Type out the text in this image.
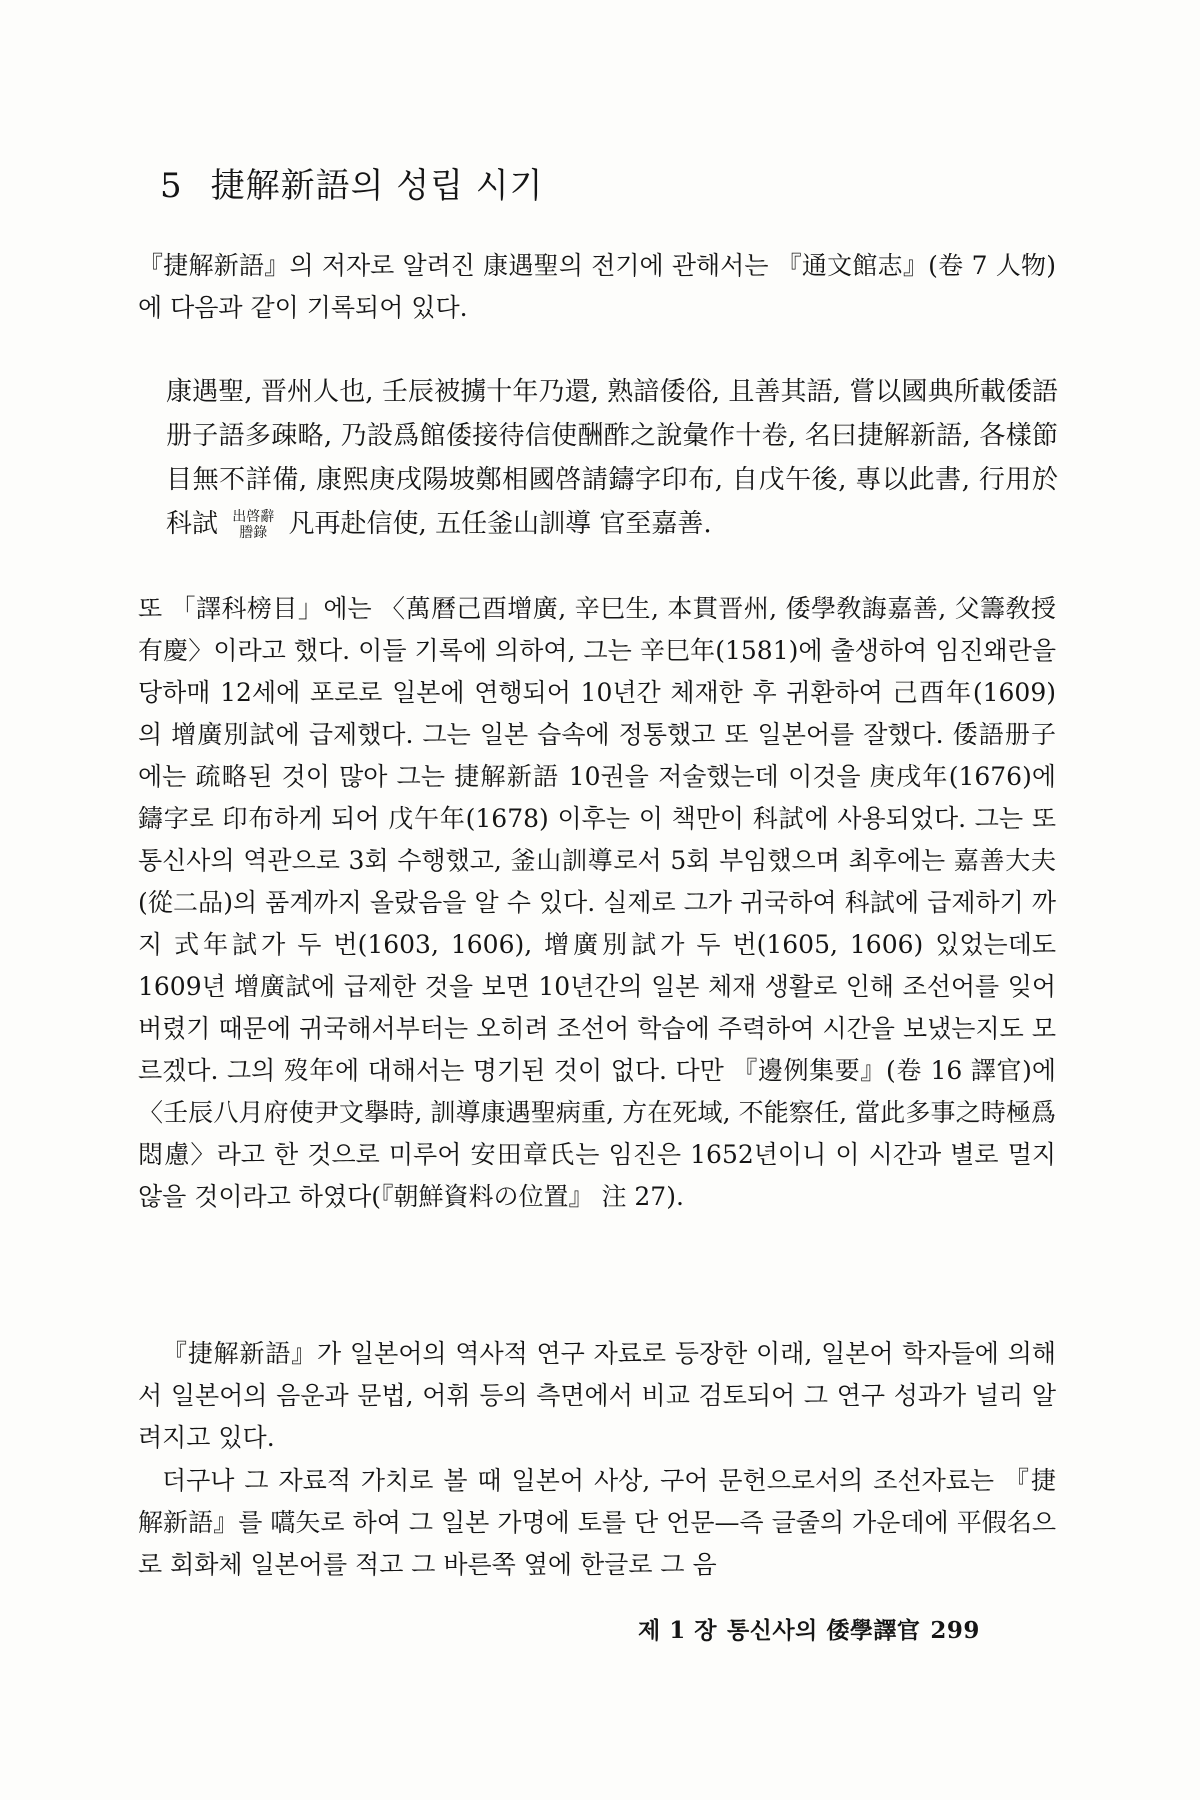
5 捷解新語의 성립 시기

『捷解新語』의 저자로 알려진 康遇聖의 전기에 관해서는 『通文館志』(卷 7 人物)에 다음과 같이 기록되어 있다.

康遇聖, 晋州人也, 壬辰被擄十年乃還, 熟諳倭俗, 且善其語, 嘗以國典所載倭語册子語多疎略, 乃設爲館倭接待信使酬酢之說彙作十卷, 名曰捷解新語, 各樣節目無不詳備, 康熙庚戌陽坡鄭相國啓請鑄字印布, 自戊午後, 專以此書, 行用於科試 出啓辭
謄錄 凡再赴信使, 五任釜山訓導 官至嘉善.

또 「譯科榜目」에는 〈萬曆己酉增廣, 辛巳生, 本貫晋州, 倭學敎誨嘉善, 父籌敎授 有慶〉이라고 했다. 이들 기록에 의하여, 그는 辛巳年(1581)에 출생하여 임진왜란을 당하매 12세에 포로로 일본에 연행되어 10년간 체재한 후 귀환하여 己酉年(1609)의 增廣別試에 급제했다. 그는 일본 습속에 정통했고 또 일본어를 잘했다. 倭語册子에는 疏略된 것이 많아 그는 捷解新語 10권을 저술했는데 이것을 庚戌年(1676)에 鑄字로 印布하게 되어 戊午年(1678) 이후는 이 책만이 科試에 사용되었다. 그는 또 통신사의 역관으로 3회 수행했고, 釜山訓導로서 5회 부임했으며 최후에는 嘉善大夫(從二品)의 품계까지 올랐음을 알 수 있다. 실제로 그가 귀국하여 科試에 급제하기 까지 式年試가 두 번(1603, 1606), 增廣別試가 두 번(1605, 1606) 있었는데도 1609년 增廣試에 급제한 것을 보면 10년간의 일본 체재 생활로 인해 조선어를 잊어버렸기 때문에 귀국해서부터는 오히려 조선어 학습에 주력하여 시간을 보냈는지도 모르겠다. 그의 歿年에 대해서는 명기된 것이 없다. 다만 『邊例集要』(卷 16 譯官)에 〈壬辰八月府使尹文擧時, 訓導康遇聖病重, 方在死域, 不能察任, 當此多事之時極爲悶慮〉라고 한 것으로 미루어 安田章氏는 임진은 1652년이니 이 시간과 별로 멀지 않을 것이라고 하였다(『朝鮮資料の位置』 注 27).

『捷解新語』가 일본어의 역사적 연구 자료로 등장한 이래, 일본어 학자들에 의해서 일본어의 음운과 문법, 어휘 등의 측면에서 비교 검토되어 그 연구 성과가 널리 알려지고 있다.

더구나 그 자료적 가치로 볼 때 일본어 사상, 구어 문헌으로서의 조선자료는 『捷解新語』를 嚆矢로 하여 그 일본 가명에 토를 단 언문—즉 글줄의 가운데에 平假名으로 회화체 일본어를 적고 그 바른쪽 옆에 한글로 그 음

제 1 장 통신사의 倭學譯官 299
